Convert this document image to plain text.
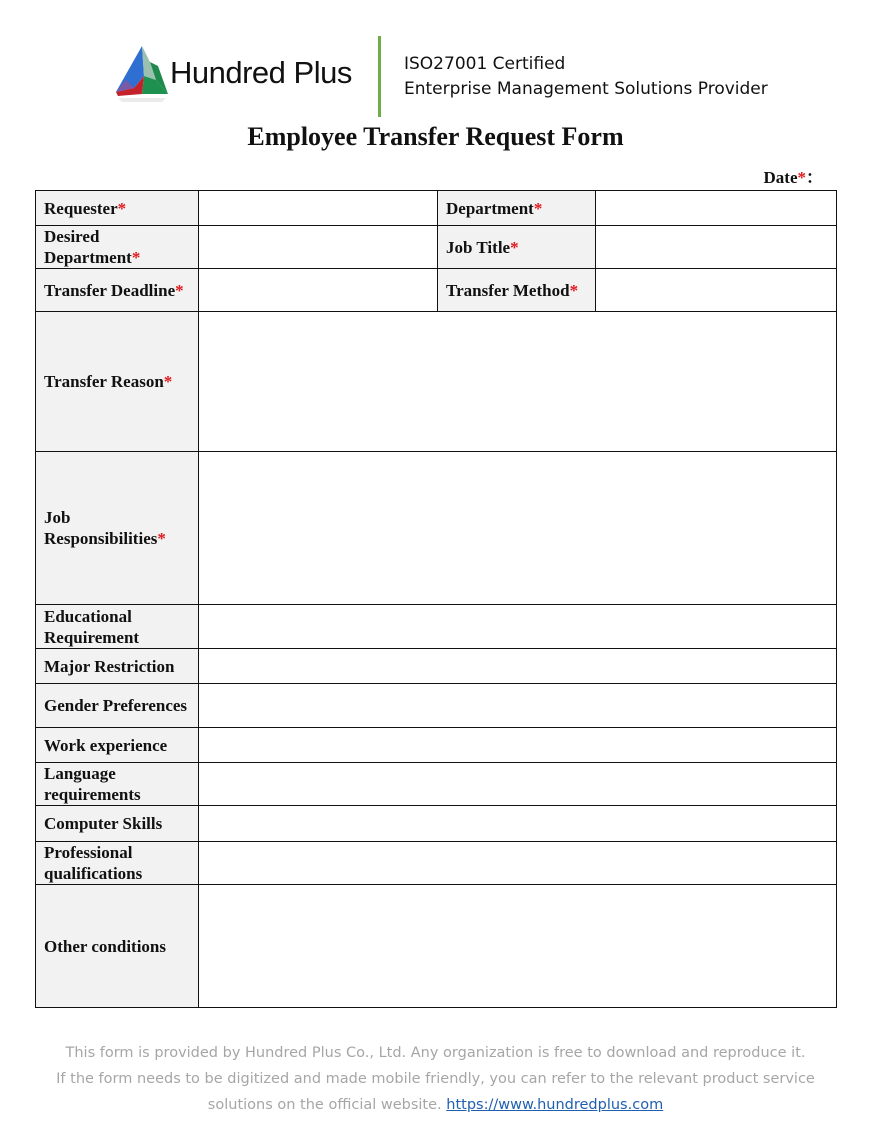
Hundred Plus	ISO27001 Certified
Enterprise Management Solutions Provider
Employee Transfer Request Form
Date*：
Requester*		Department*	
Desired Department*		Job Title*	
Transfer Deadline*		Transfer Method*	
Transfer Reason*			
Job Responsibilities*			
Educational Requirement			
Major Restriction			
Gender Preferences			
Work experience			
Language requirements			
Computer Skills			
Professional qualifications			
Other conditions			
This form is provided by Hundred Plus Co., Ltd. Any organization is free to download and reproduce it.
If the form needs to be digitized and made mobile friendly, you can refer to the relevant product service
solutions on the official website. https://www.hundredplus.com
